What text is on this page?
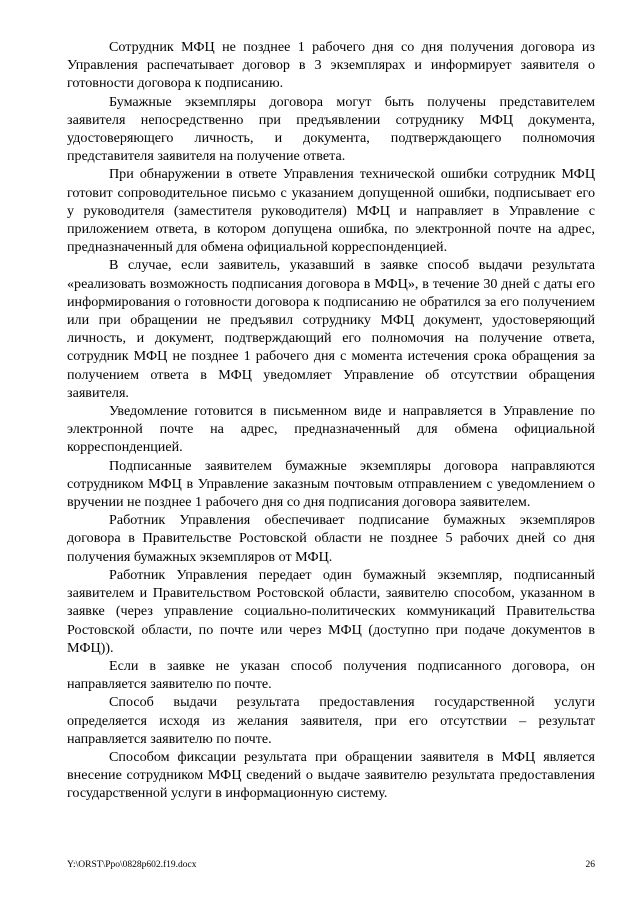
Сотрудник МФЦ не позднее 1 рабочего дня со дня получения договора из Управления распечатывает договор в 3 экземплярах и информирует заявителя о готовности договора к подписанию.

Бумажные экземпляры договора могут быть получены представителем заявителя непосредственно при предъявлении сотруднику МФЦ документа, удостоверяющего личность, и документа, подтверждающего полномочия представителя заявителя на получение ответа.

При обнаружении в ответе Управления технической ошибки сотрудник МФЦ готовит сопроводительное письмо с указанием допущенной ошибки, подписывает его у руководителя (заместителя руководителя) МФЦ и направляет в Управление с приложением ответа, в котором допущена ошибка, по электронной почте на адрес, предназначенный для обмена официальной корреспонденцией.

В случае, если заявитель, указавший в заявке способ выдачи результата «реализовать возможность подписания договора в МФЦ», в течение 30 дней с даты его информирования о готовности договора к подписанию не обратился за его получением или при обращении не предъявил сотруднику МФЦ документ, удостоверяющий личность, и документ, подтверждающий его полномочия на получение ответа, сотрудник МФЦ не позднее 1 рабочего дня с момента истечения срока обращения за получением ответа в МФЦ уведомляет Управление об отсутствии обращения заявителя.

Уведомление готовится в письменном виде и направляется в Управление по электронной почте на адрес, предназначенный для обмена официальной корреспонденцией.

Подписанные заявителем бумажные экземпляры договора направляются сотрудником МФЦ в Управление заказным почтовым отправлением с уведомлением о вручении не позднее 1 рабочего дня со дня подписания договора заявителем.

Работник Управления обеспечивает подписание бумажных экземпляров договора в Правительстве Ростовской области не позднее 5 рабочих дней со дня получения бумажных экземпляров от МФЦ.

Работник Управления передает один бумажный экземпляр, подписанный заявителем и Правительством Ростовской области, заявителю способом, указанном в заявке (через управление социально-политических коммуникаций Правительства Ростовской области, по почте или через МФЦ (доступно при подаче документов в МФЦ)).

Если в заявке не указан способ получения подписанного договора, он направляется заявителю по почте.

Способ выдачи результата предоставления государственной услуги определяется исходя из желания заявителя, при его отсутствии – результат направляется заявителю по почте.

Способом фиксации результата при обращении заявителя в МФЦ является внесение сотрудником МФЦ сведений о выдаче заявителю результата предоставления государственной услуги в информационную систему.

Y:\ORST\Ppo\0828p602.f19.docx	26
